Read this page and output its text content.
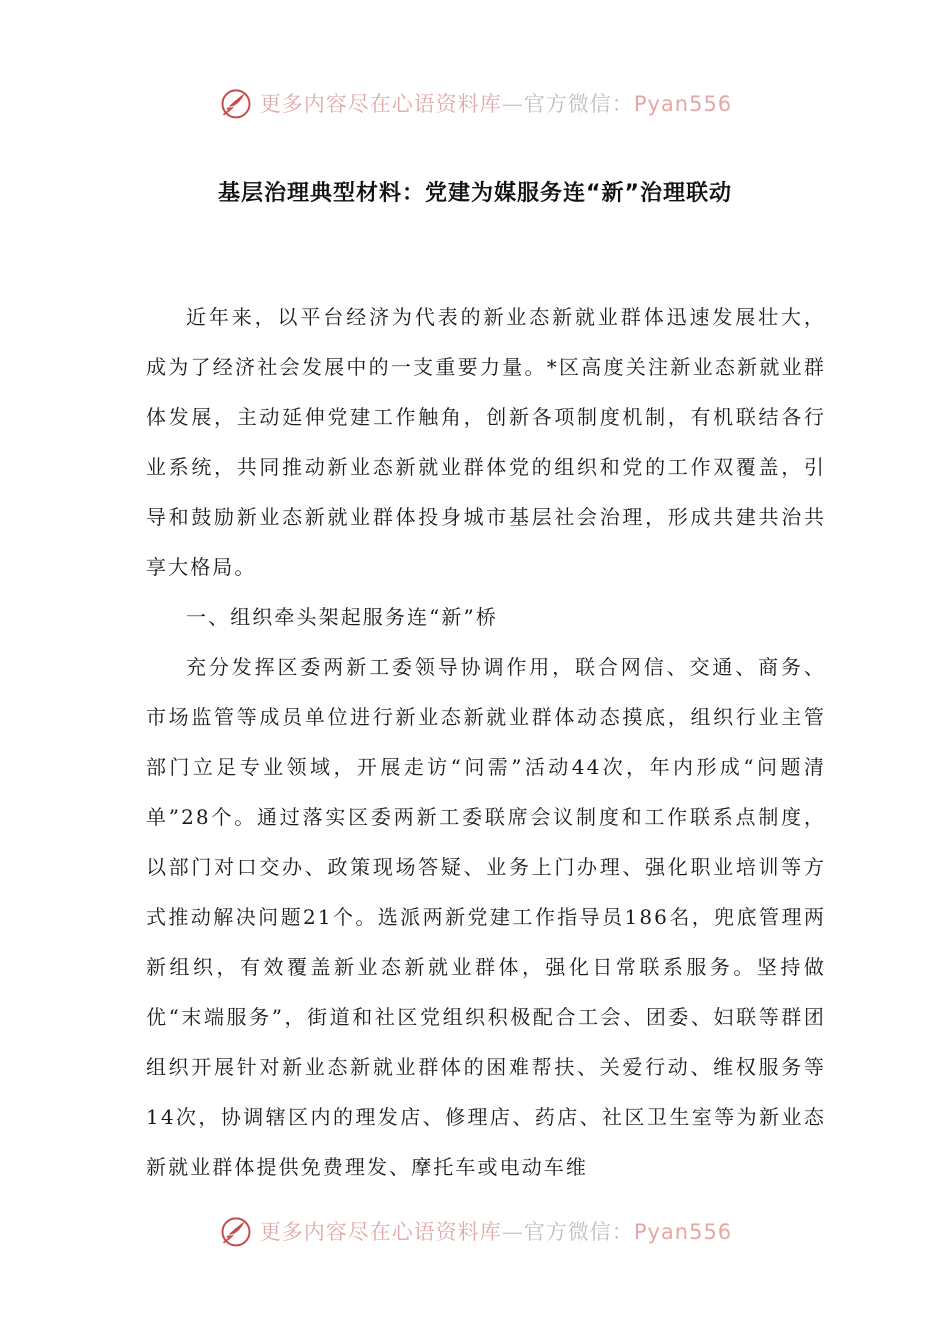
更多内容尽在心语资料库—官方微信：Pyan556
基层治理典型材料：党建为媒服务连“新”治理联动

近年来，以平台经济为代表的新业态新就业群体迅速发展壮大，成为了经济社会发展中的一支重要力量。*区高度关注新业态新就业群体发展，主动延伸党建工作触角，创新各项制度机制，有机联结各行业系统，共同推动新业态新就业群体党的组织和党的工作双覆盖，引导和鼓励新业态新就业群体投身城市基层社会治理，形成共建共治共享大格局。

一、组织牵头架起服务连“新”桥

充分发挥区委两新工委领导协调作用，联合网信、交通、商务、市场监管等成员单位进行新业态新就业群体动态摸底，组织行业主管部门立足专业领域，开展走访“问需”活动44次，年内形成“问题清单”28个。通过落实区委两新工委联席会议制度和工作联系点制度，以部门对口交办、政策现场答疑、业务上门办理、强化职业培训等方式推动解决问题21个。选派两新党建工作指导员186名，兜底管理两新组织，有效覆盖新业态新就业群体，强化日常联系服务。坚持做优“末端服务”，街道和社区党组织积极配合工会、团委、妇联等群团组织开展针对新业态新就业群体的困难帮扶、关爱行动、维权服务等14次，协调辖区内的理发店、修理店、药店、社区卫生室等为新业态新就业群体提供免费理发、摩托车或电动车维

更多内容尽在心语资料库—官方微信：Pyan556
